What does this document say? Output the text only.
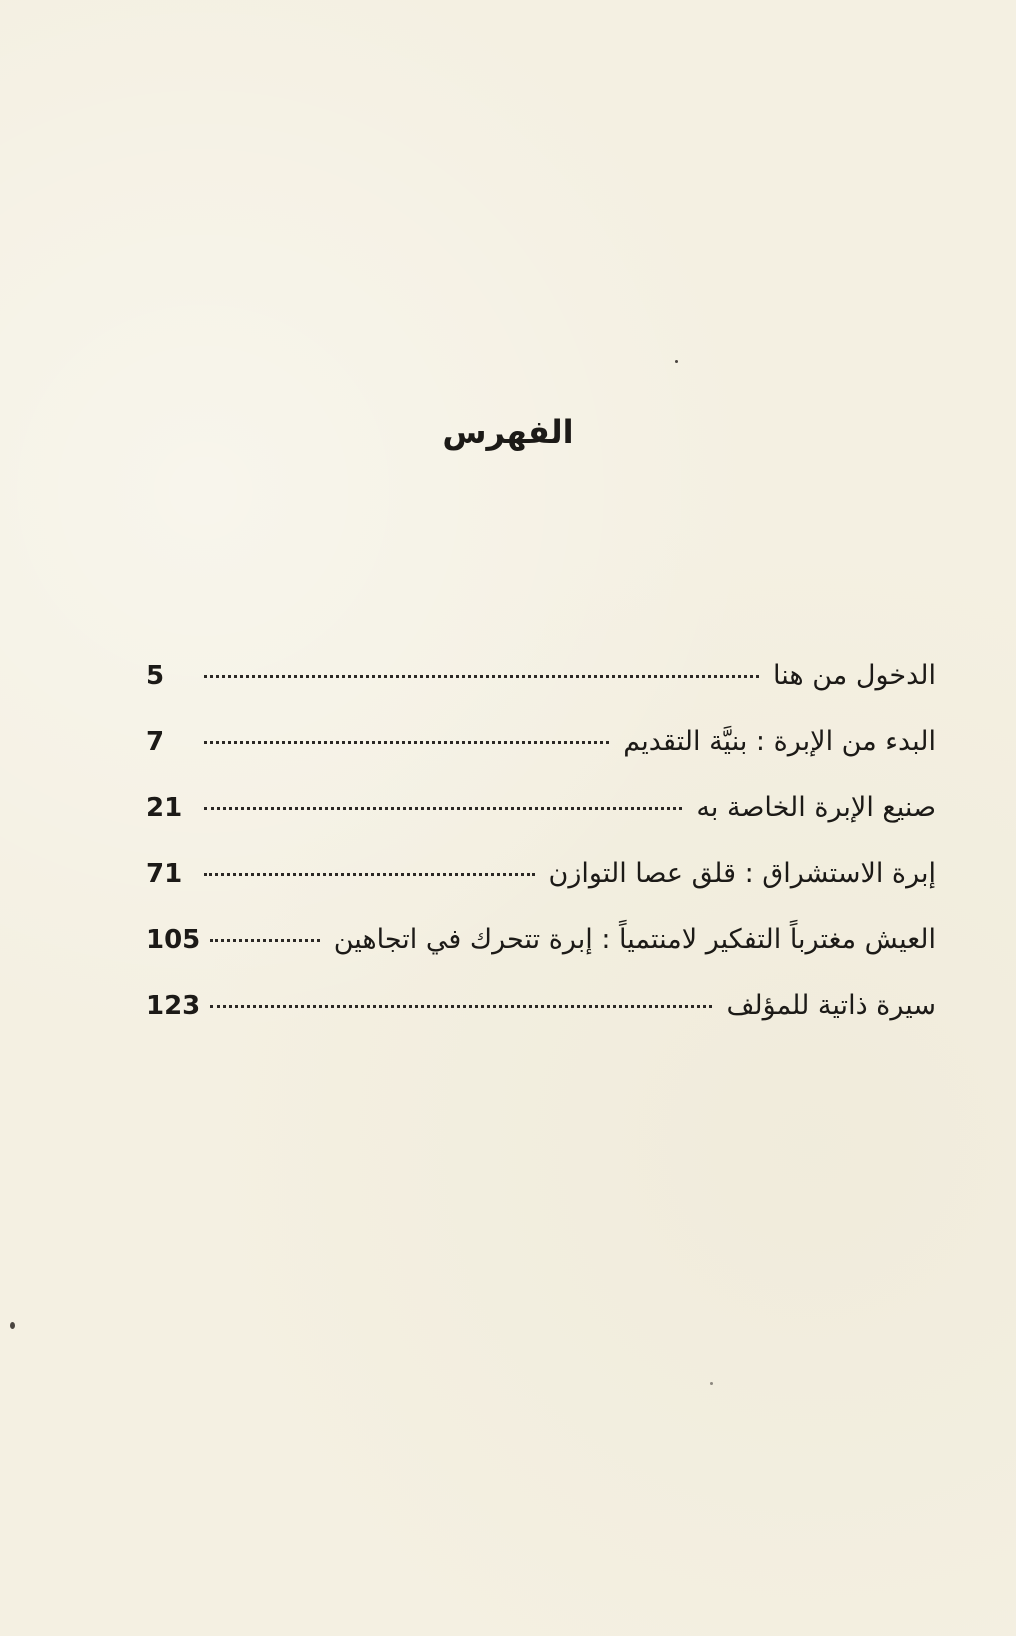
الفهرس
5	الدخول من هنا
7	البدء من الإبرة : بنيَّة التقديم
21	صنيع الإبرة الخاصة به
71	إبرة الاستشراق : قلق عصا التوازن
105	العيش مغترباً التفكير لامنتمياً : إبرة تتحرك في اتجاهين
123	سيرة ذاتية للمؤلف
